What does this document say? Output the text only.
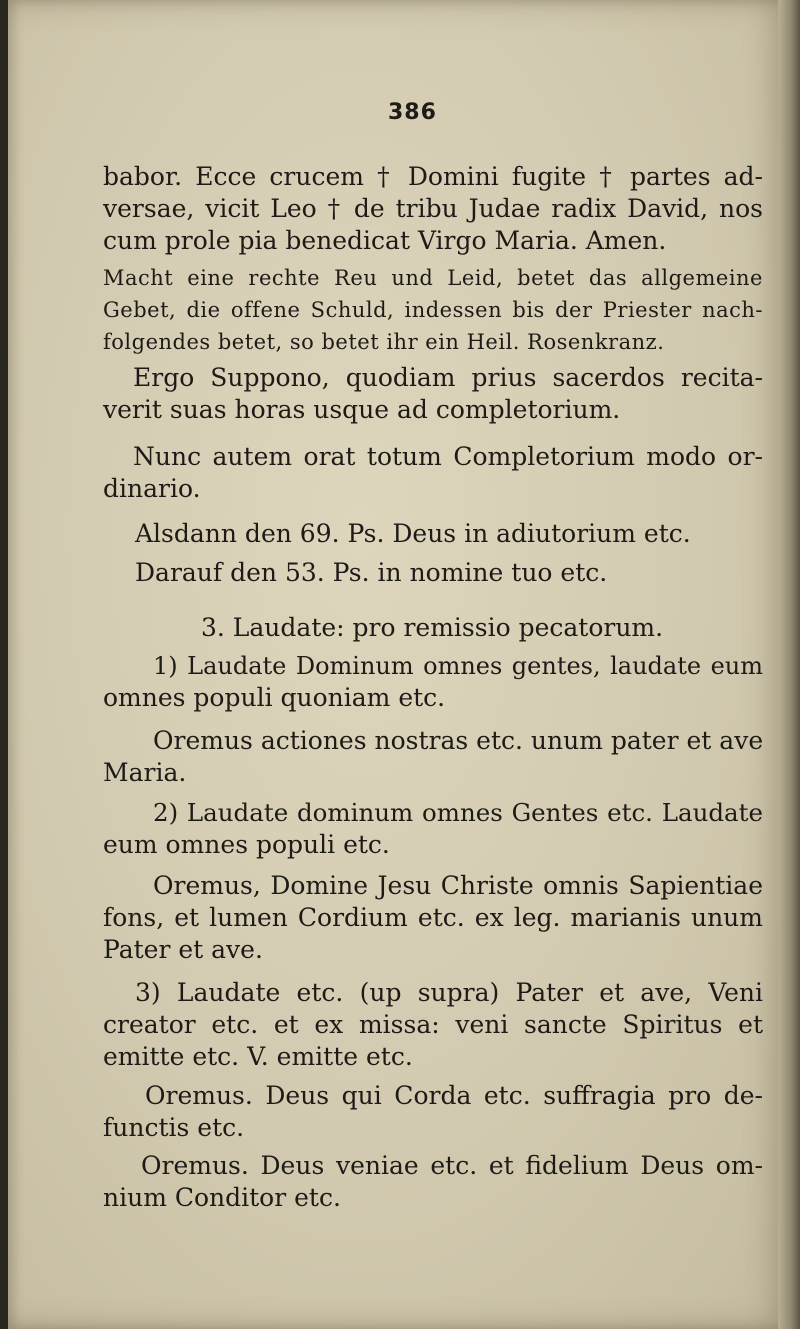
386
babor. Ecce crucem † Domini fugite † partes ad-
versae, vicit Leo † de tribu Judae radix David, nos
cum prole pia benedicat Virgo Maria. Amen.
Macht eine rechte Reu und Leid, betet das allgemeine
Gebet, die offene Schuld, indessen bis der Priester nach-
folgendes betet, so betet ihr ein Heil. Rosenkranz.
Ergo Suppono, quodiam prius sacerdos recita-
verit suas horas usque ad completorium.
Nunc autem orat totum Completorium modo or-
dinario.
Alsdann den 69. Ps. Deus in adiutorium etc.
Darauf den 53. Ps. in nomine tuo etc.
3. Laudate: pro remissio pecatorum.
1) Laudate Dominum omnes gentes, laudate eum
omnes populi quoniam etc.
Oremus actiones nostras etc. unum pater et ave
Maria.
2) Laudate dominum omnes Gentes etc. Laudate
eum omnes populi etc.
Oremus, Domine Jesu Christe omnis Sapientiae
fons, et lumen Cordium etc. ex leg. marianis unum
Pater et ave.
3) Laudate etc. (up supra) Pater et ave, Veni
creator etc. et ex missa: veni sancte Spiritus et
emitte etc. V. emitte etc.
Oremus. Deus qui Corda etc. suffragia pro de-
functis etc.
Oremus. Deus veniae etc. et fidelium Deus om-
nium Conditor etc.
